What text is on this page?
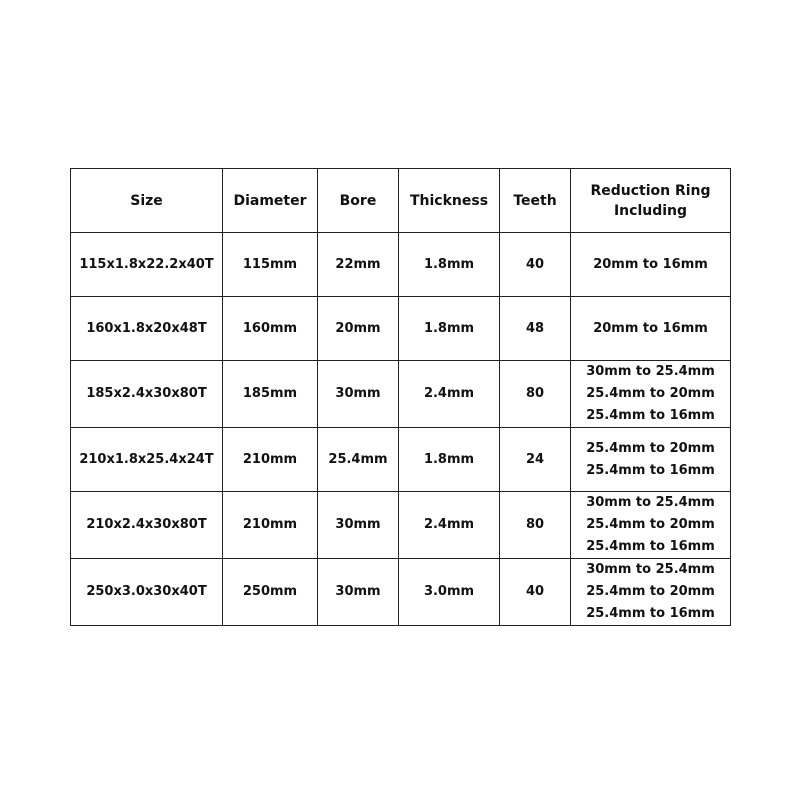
Size	Diameter	Bore	Thickness	Teeth	Reduction Ring Including
115x1.8x22.2x40T	115mm	22mm	1.8mm	40	20mm to 16mm

160x1.8x20x48T	160mm	20mm	1.8mm	48	20mm to 16mm

185x2.4x30x80T	185mm	30mm	2.4mm	80	30mm to 25.4mm
25.4mm to 20mm
25.4mm to 16mm

210x1.8x25.4x24T	210mm	25.4mm	1.8mm	24	25.4mm to 20mm
25.4mm to 16mm

210x2.4x30x80T	210mm	30mm	2.4mm	80	30mm to 25.4mm
25.4mm to 20mm
25.4mm to 16mm

250x3.0x30x40T	250mm	30mm	3.0mm	40	30mm to 25.4mm
25.4mm to 20mm
25.4mm to 16mm
